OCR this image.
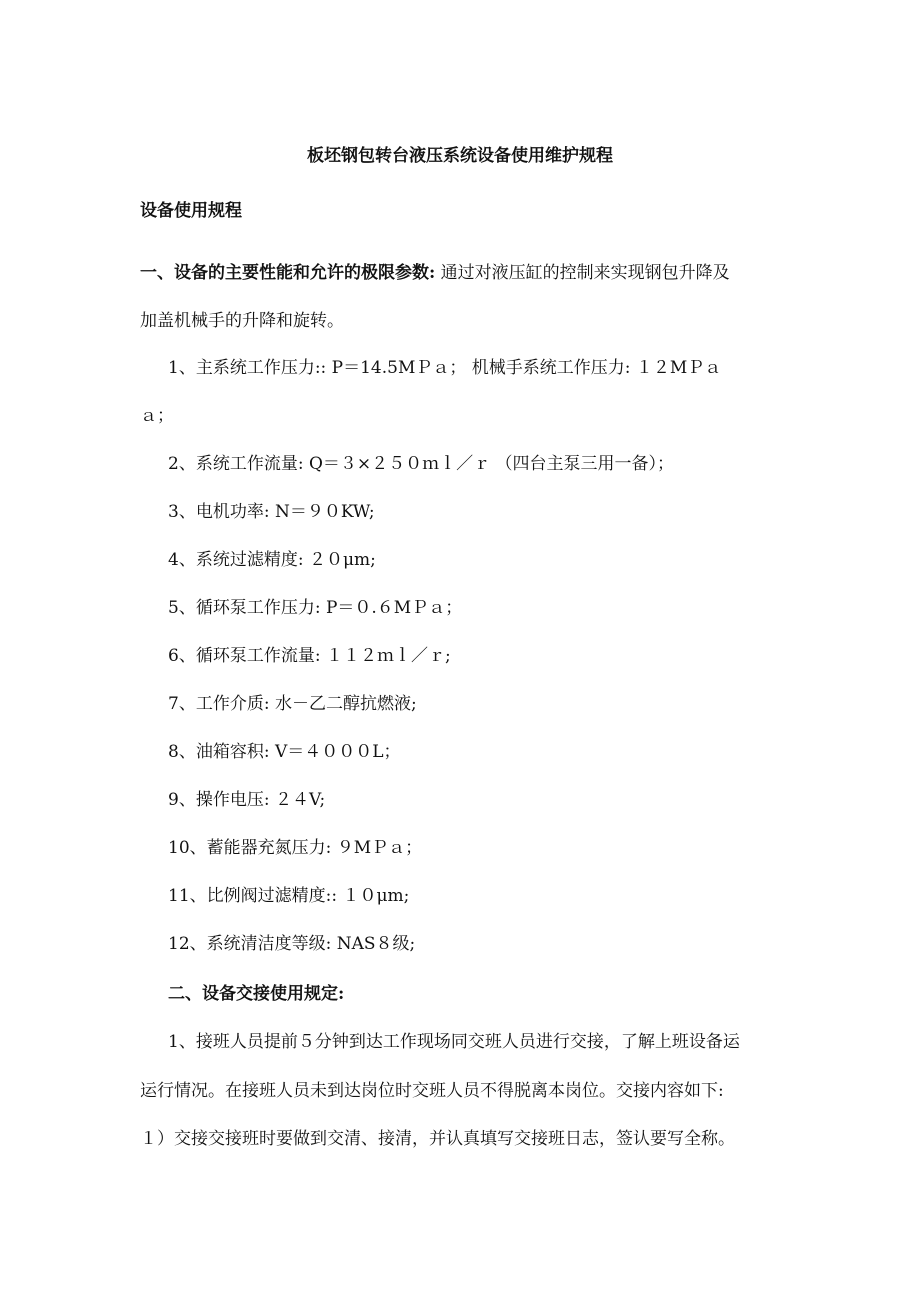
板坯钢包转台液压系统设备使用维护规程
设备使用规程
一、设备的主要性能和允许的极限参数: 通过对液压缸的控制来实现钢包升降及
加盖机械手的升降和旋转。
1、主系统工作压力:: P＝14.5MＰａ； 机械手系统工作压力: １２MＰａ
ａ；
2、系统工作流量: Q＝３×２５０ｍｌ／ｒ （四台主泵三用一备）；
3、电机功率: N＝９０KW;
4、系统过滤精度: ２０μm;
5、循环泵工作压力: P＝０.６MＰａ；
6、循环泵工作流量: １１２ｍｌ／ｒ;
7、工作介质: 水－乙二醇抗燃液;
8、油箱容积: V＝４０００L；
9、操作电压: ２４V;
10、蓄能器充氮压力: ９MＰａ；
11、比例阀过滤精度:: １０μm;
12、系统清洁度等级: NAS８级;
二、设备交接使用规定:
1、接班人员提前５分钟到达工作现场同交班人员进行交接，了解上班设备运
运行情况。在接班人员未到达岗位时交班人员不得脱离本岗位。交接内容如下:
１）交接交接班时要做到交清、接清，并认真填写交接班日志，签认要写全称。
